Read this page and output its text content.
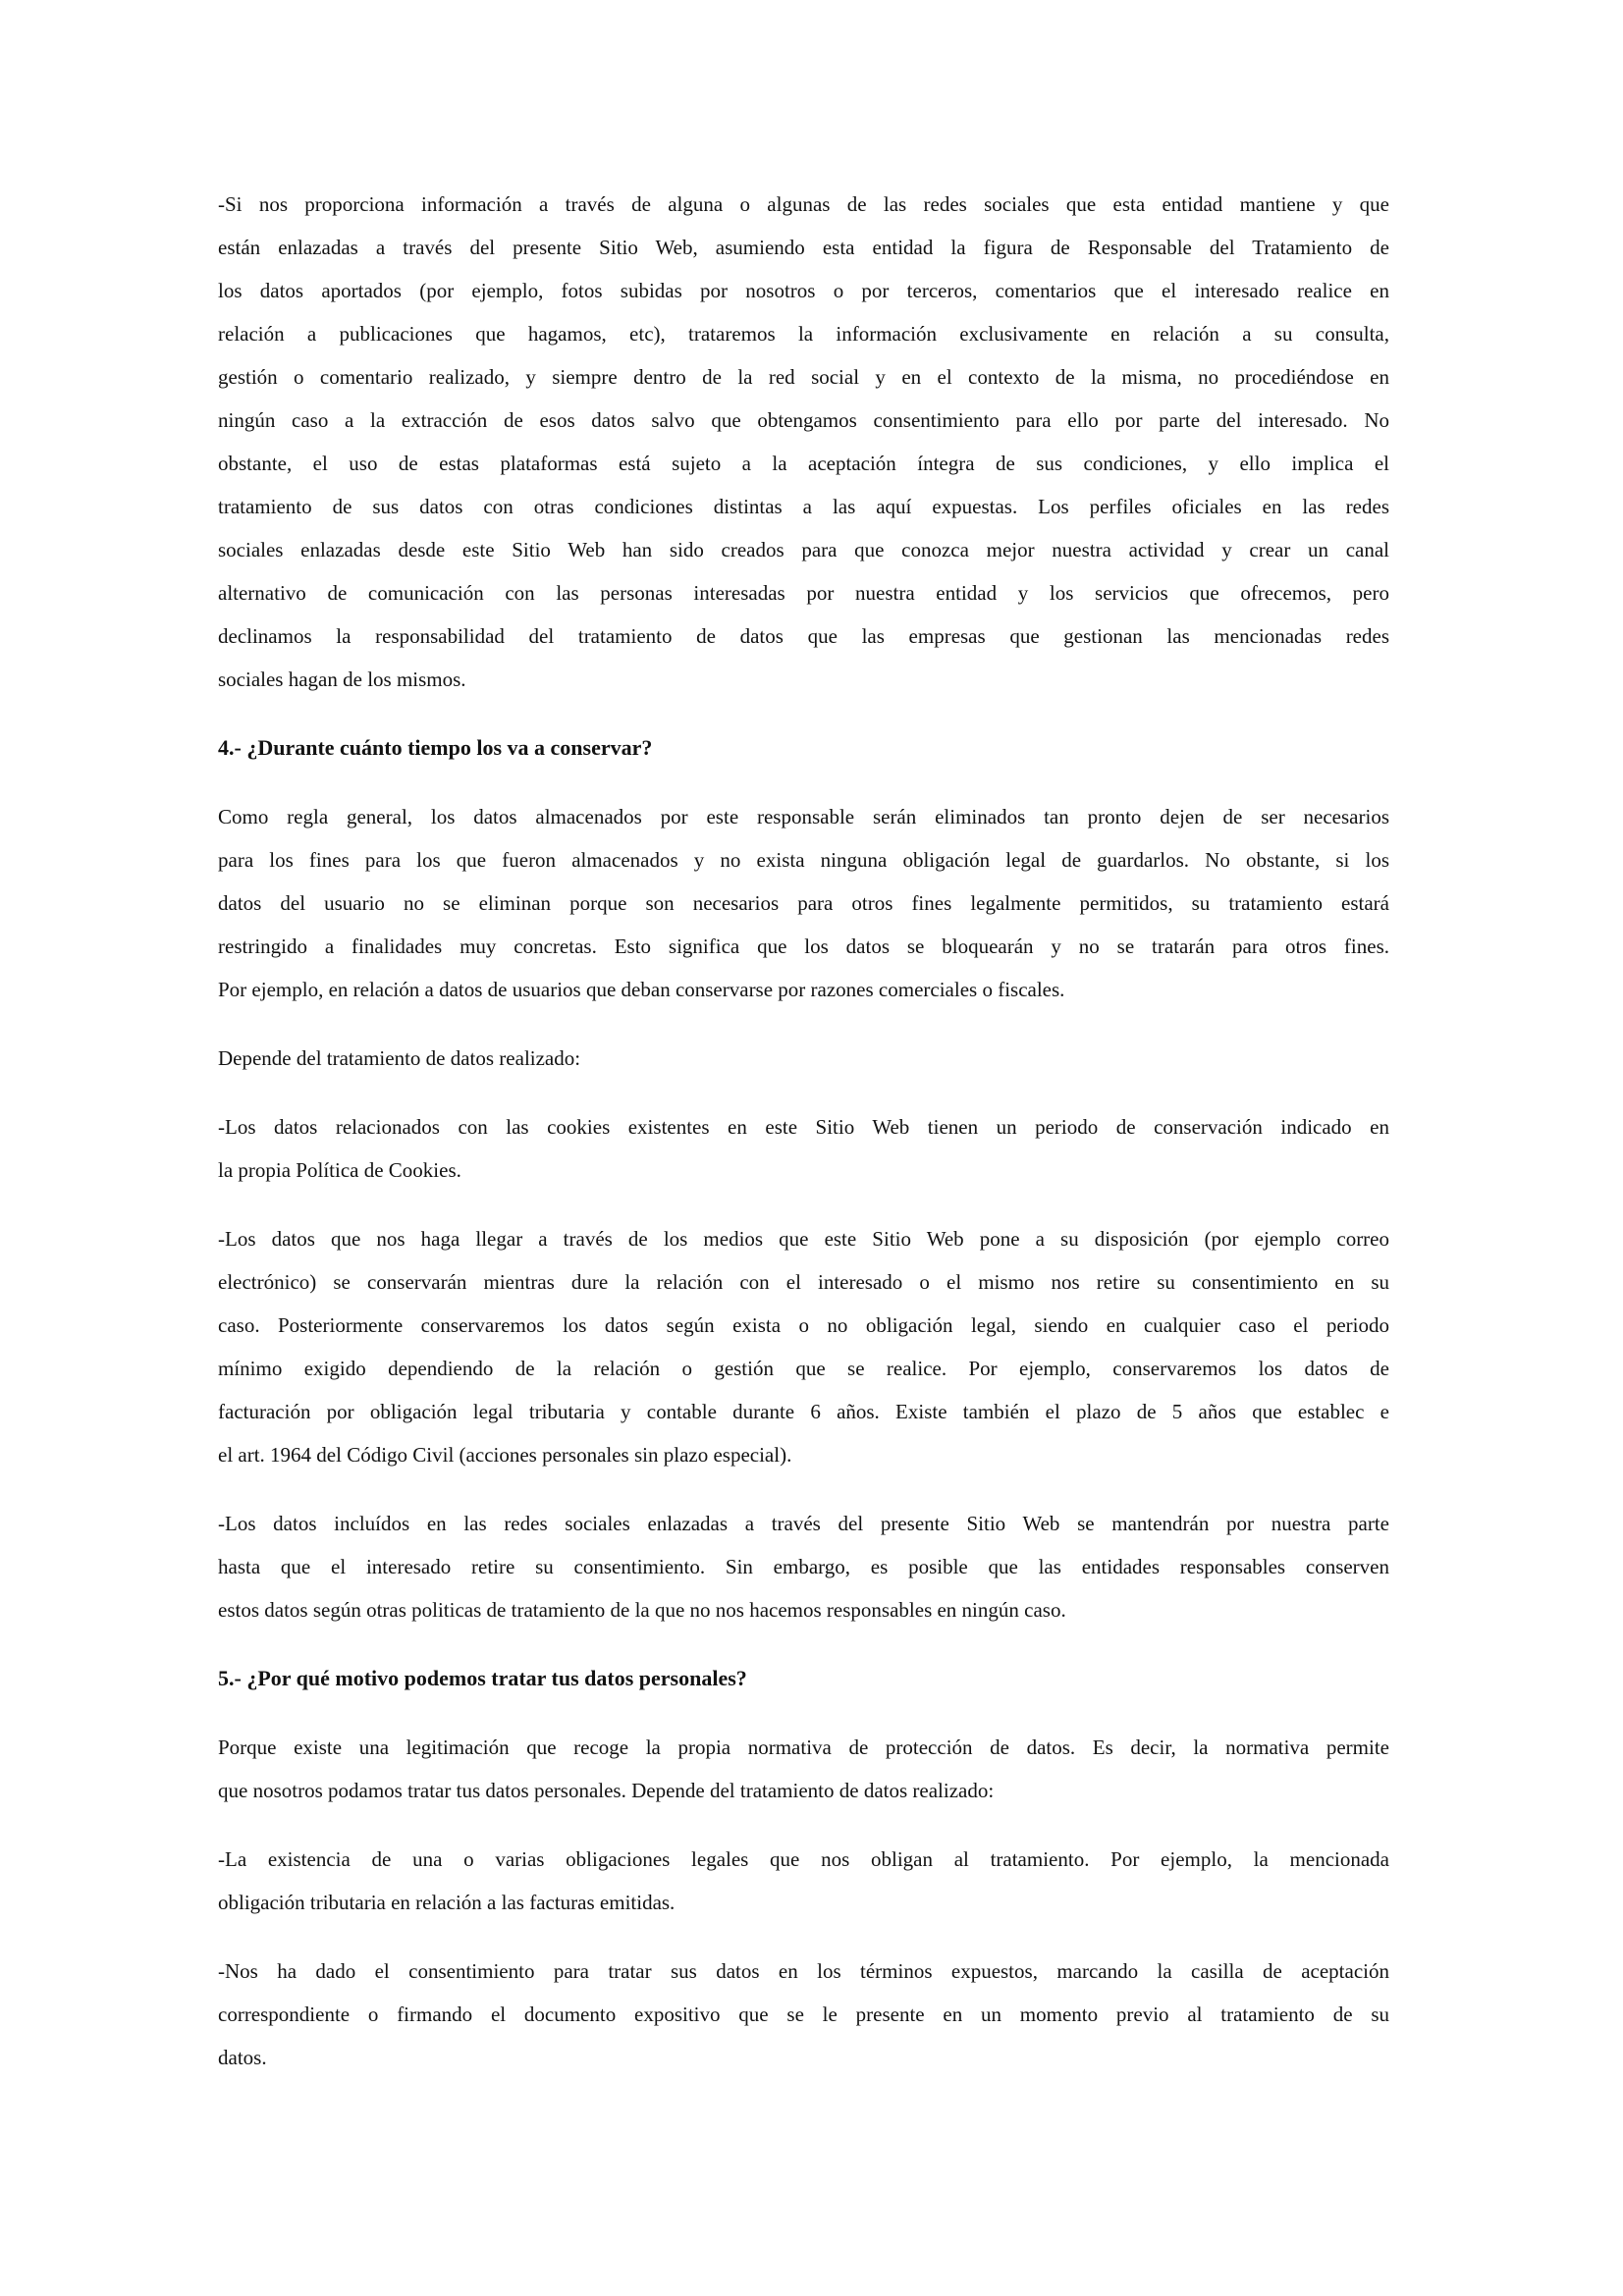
-Si nos proporciona información a través de alguna o algunas de las redes sociales que esta entidad mantiene y que
están enlazadas a través del presente Sitio Web, asumiendo esta entidad la figura de Responsable del Tratamiento de
los datos aportados (por ejemplo, fotos subidas por nosotros o por terceros, comentarios que el interesado realice en
relación a publicaciones que hagamos, etc), trataremos la información exclusivamente en relación a su consulta,
gestión o comentario realizado, y siempre dentro de la red social y en el contexto de la misma, no procediéndose en
ningún caso a la extracción de esos datos salvo que obtengamos consentimiento para ello por parte del interesado. No
obstante, el uso de estas plataformas está sujeto a la aceptación íntegra de sus condiciones, y ello implica el
tratamiento de sus datos con otras condiciones distintas a las aquí expuestas. Los perfiles oficiales en las redes
sociales enlazadas desde este Sitio Web han sido creados para que conozca mejor nuestra actividad y crear un canal
alternativo de comunicación con las personas interesadas por nuestra entidad y los servicios que ofrecemos, pero
declinamos la responsabilidad del tratamiento de datos que las empresas que gestionan las mencionadas redes
sociales hagan de los mismos.
4.- ¿Durante cuánto tiempo los va a conservar?
Como regla general, los datos almacenados por este responsable serán eliminados tan pronto dejen de ser necesarios
para los fines para los que fueron almacenados y no exista ninguna obligación legal de guardarlos. No obstante, si los
datos del usuario no se eliminan porque son necesarios para otros fines legalmente permitidos, su tratamiento estará
restringido a finalidades muy concretas. Esto significa que los datos se bloquearán y no se tratarán para otros fines.
Por ejemplo, en relación a datos de usuarios que deban conservarse por razones comerciales o fiscales.
Depende del tratamiento de datos realizado:
-Los datos relacionados con las cookies existentes en este Sitio Web tienen un periodo de conservación indicado en
la propia Política de Cookies.
-Los datos que nos haga llegar a través de los medios que este Sitio Web pone a su disposición (por ejemplo correo
electrónico) se conservarán mientras dure la relación con el interesado o el mismo nos retire su consentimiento en su
caso. Posteriormente conservaremos los datos según exista o no obligación legal, siendo en cualquier caso el periodo
mínimo exigido dependiendo de la relación o gestión que se realice. Por ejemplo, conservaremos los datos de
facturación por obligación legal tributaria y contable durante 6 años. Existe también el plazo de 5 años que establec e
el art. 1964 del Código Civil (acciones personales sin plazo especial).
-Los datos incluídos en las redes sociales enlazadas a través del presente Sitio Web se mantendrán por nuestra parte
hasta que el interesado retire su consentimiento. Sin embargo, es posible que las entidades responsables conserven
estos datos según otras politicas de tratamiento de la que no nos hacemos responsables en ningún caso.
5.- ¿Por qué motivo podemos tratar tus datos personales?
Porque existe una legitimación que recoge la propia normativa de protección de datos. Es decir, la normativa permite
que nosotros podamos tratar tus datos personales. Depende del tratamiento de datos realizado:
-La existencia de una o varias obligaciones legales que nos obligan al tratamiento. Por ejemplo, la mencionada
obligación tributaria en relación a las facturas emitidas.
-Nos ha dado el consentimiento para tratar sus datos en los términos expuestos, marcando la casilla de aceptación
correspondiente o firmando el documento expositivo que se le presente en un momento previo al tratamiento de su
datos.
